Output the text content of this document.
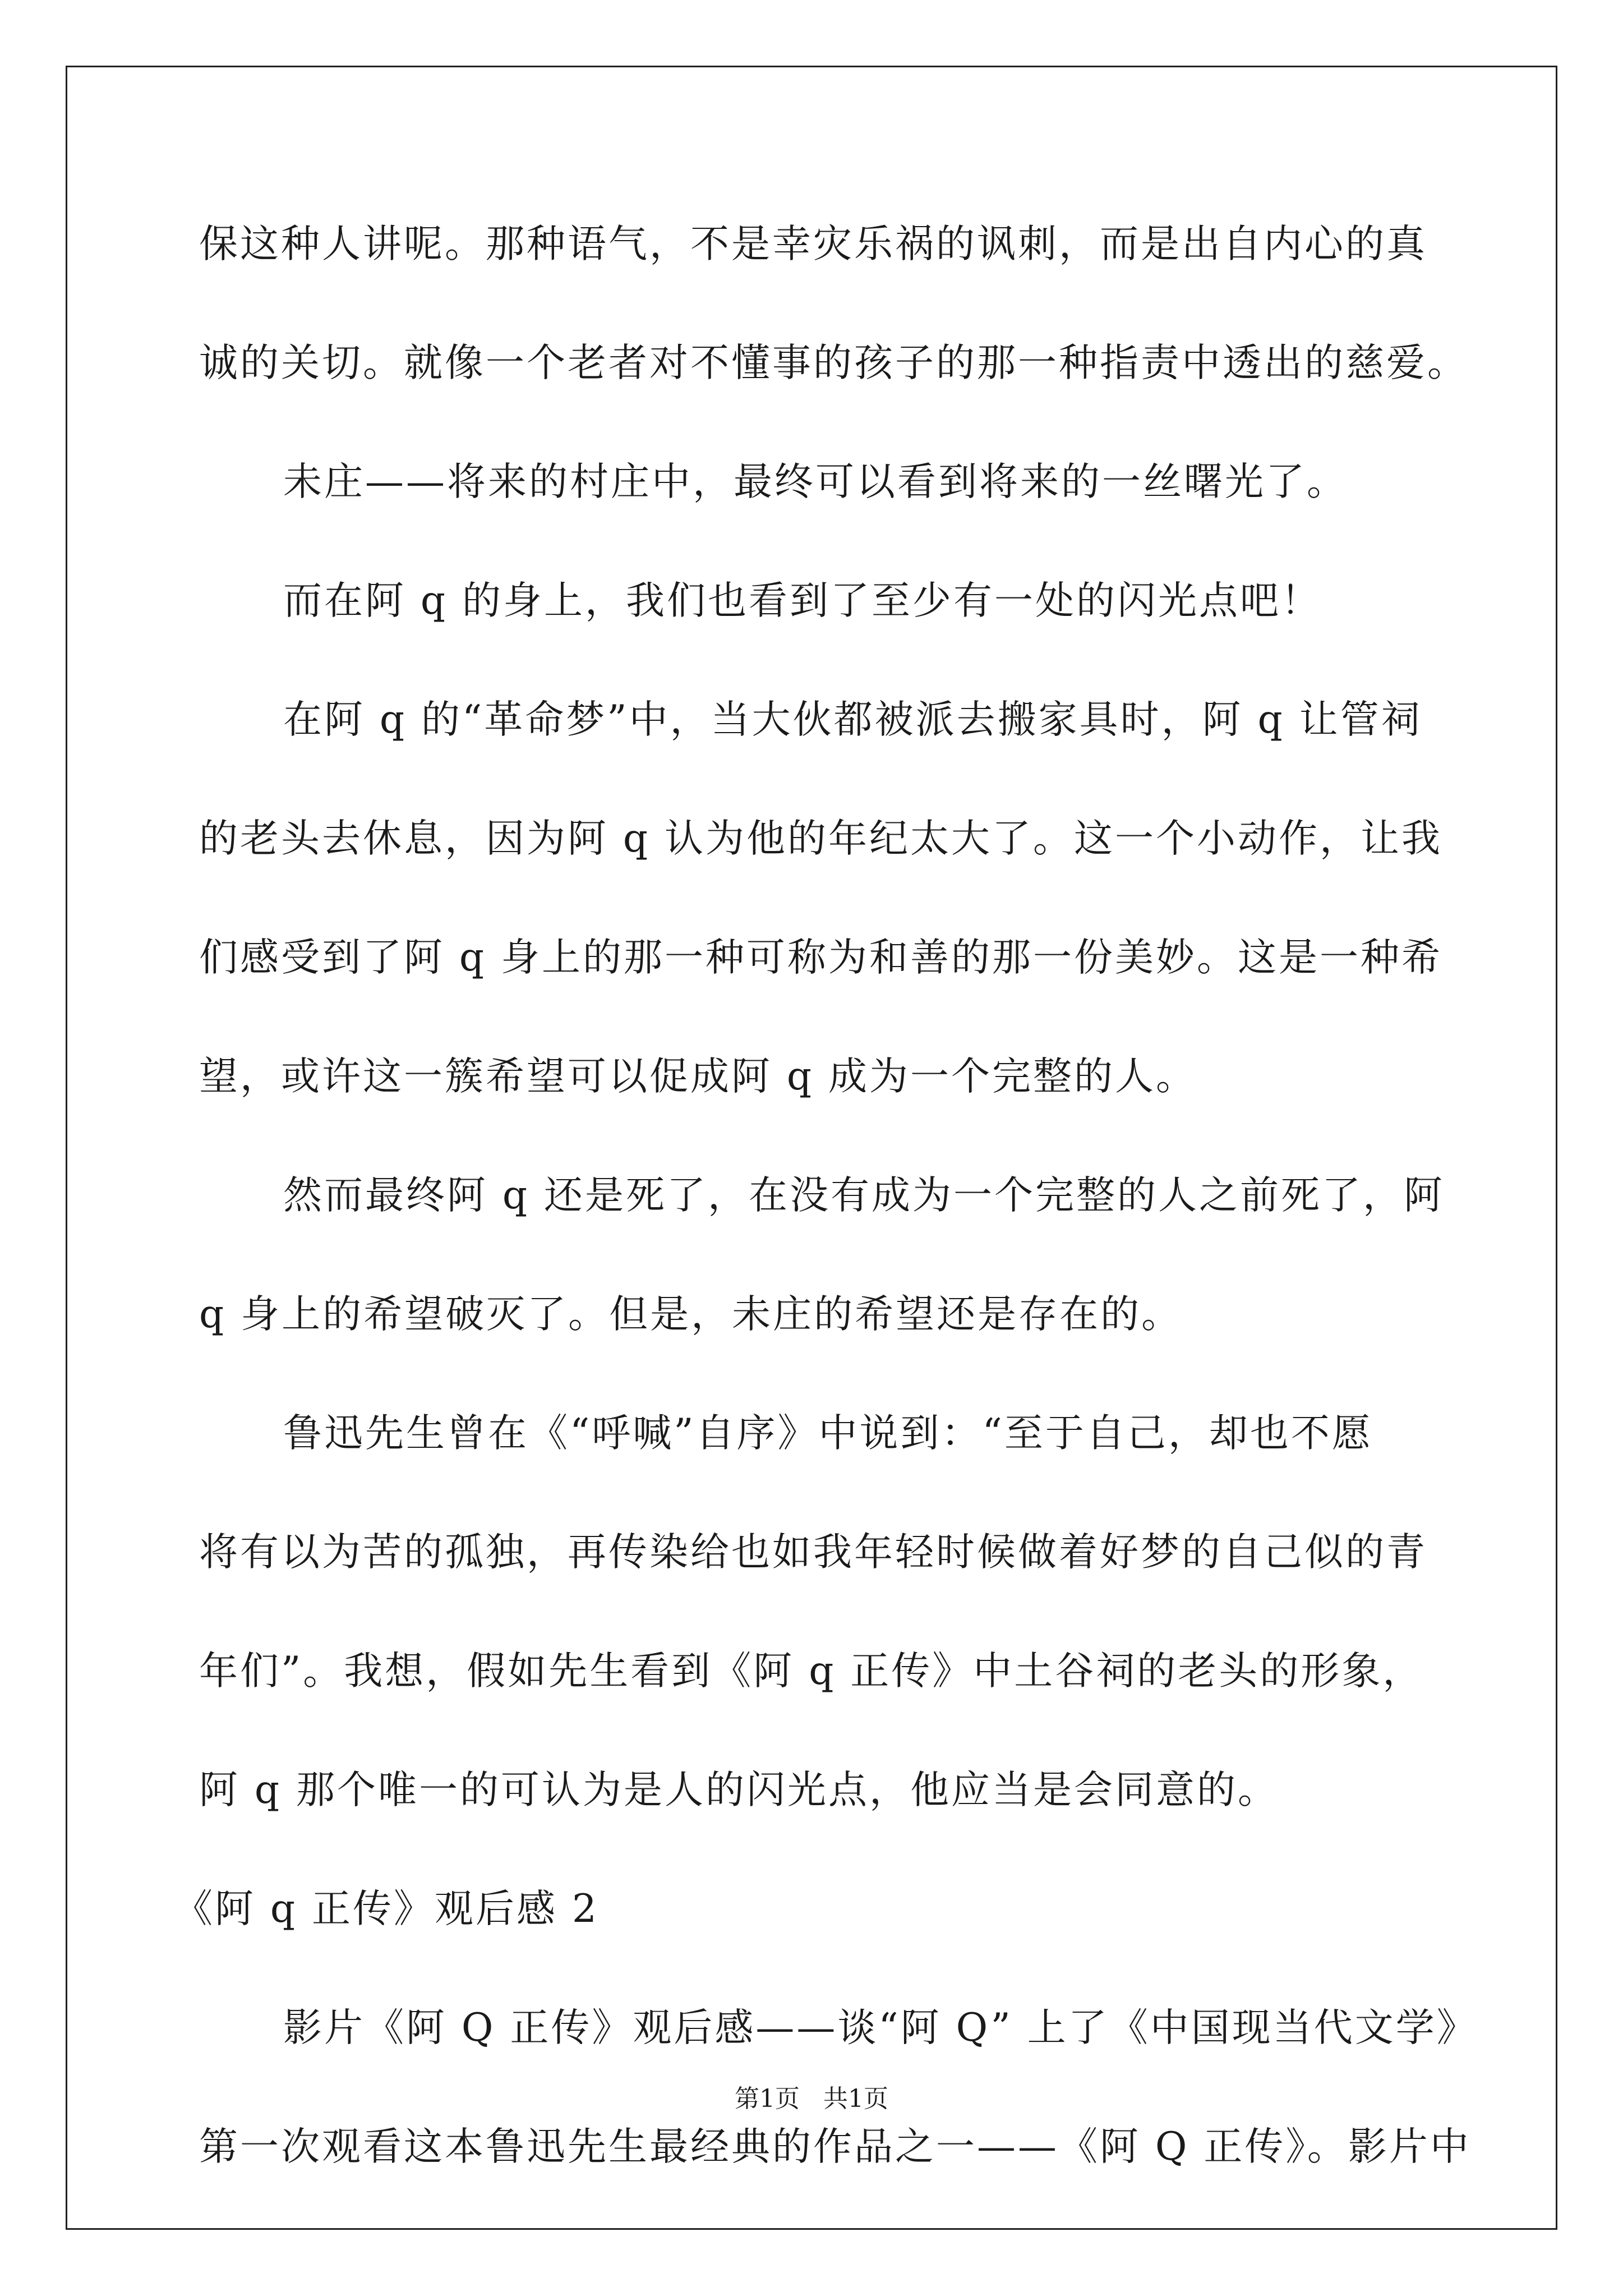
保这种人讲呢。那种语气，不是幸灾乐祸的讽刺，而是出自内心的真
诚的关切。就像一个老者对不懂事的孩子的那一种指责中透出的慈爱。
未庄——将来的村庄中，最终可以看到将来的一丝曙光了。
而在阿 q 的身上，我们也看到了至少有一处的闪光点吧！
在阿 q 的“革命梦”中，当大伙都被派去搬家具时，阿 q 让管祠
的老头去休息，因为阿 q 认为他的年纪太大了。这一个小动作，让我
们感受到了阿 q 身上的那一种可称为和善的那一份美妙。这是一种希
望，或许这一簇希望可以促成阿 q 成为一个完整的人。
然而最终阿 q 还是死了，在没有成为一个完整的人之前死了，阿
q 身上的希望破灭了。但是，未庄的希望还是存在的。
鲁迅先生曾在《“呼喊”自序》中说到：“至于自己，却也不愿
将有以为苦的孤独，再传染给也如我年轻时候做着好梦的自己似的青
年们”。我想，假如先生看到《阿 q 正传》中土谷祠的老头的形象，
阿 q 那个唯一的可认为是人的闪光点，他应当是会同意的。
《阿 q 正传》观后感 2
影片《阿 Q 正传》观后感——谈“阿 Q” 上了《中国现当代文学》
第一次观看这本鲁迅先生最经典的作品之一——《阿 Q 正传》。影片中
第1页   共1页
